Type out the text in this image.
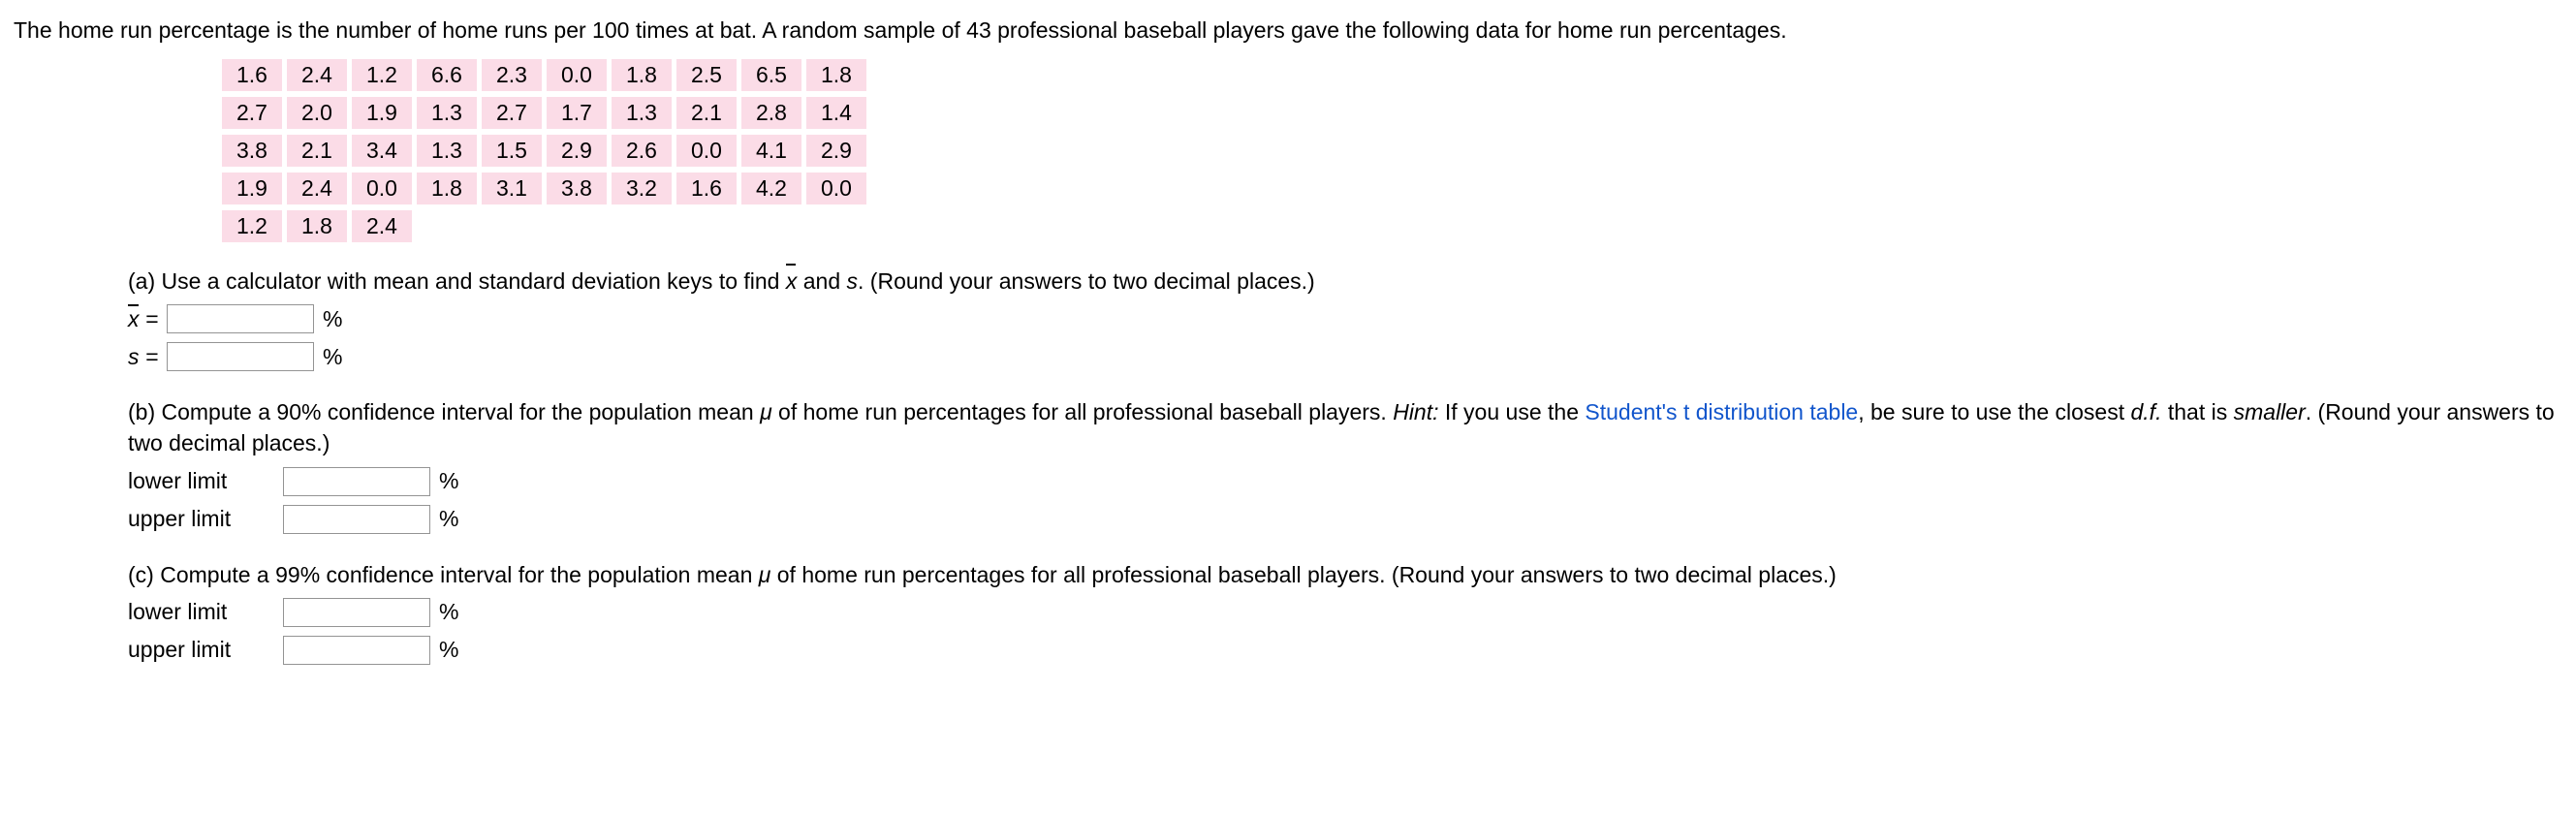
The home run percentage is the number of home runs per 100 times at bat. A random sample of 43 professional baseball players gave the following data for home run percentages.
1.6	2.4	1.2	6.6	2.3	0.0	1.8	2.5	6.5	1.8
2.7	2.0	1.9	1.3	2.7	1.7	1.3	2.1	2.8	1.4
3.8	2.1	3.4	1.3	1.5	2.9	2.6	0.0	4.1	2.9
1.9	2.4	0.0	1.8	3.1	3.8	3.2	1.6	4.2	0.0
1.2	1.8	2.4
(a) Use a calculator with mean and standard deviation keys to find x and s. (Round your answers to two decimal places.)
x =	%
s =	%
(b) Compute a 90% confidence interval for the population mean μ of home run percentages for all professional baseball players. Hint: If you use the Student's t distribution table, be sure to use the closest d.f. that is smaller. (Round your answers to two decimal places.)
lower limit	%
upper limit	%
(c) Compute a 99% confidence interval for the population mean μ of home run percentages for all professional baseball players. (Round your answers to two decimal places.)
lower limit	%
upper limit	%
